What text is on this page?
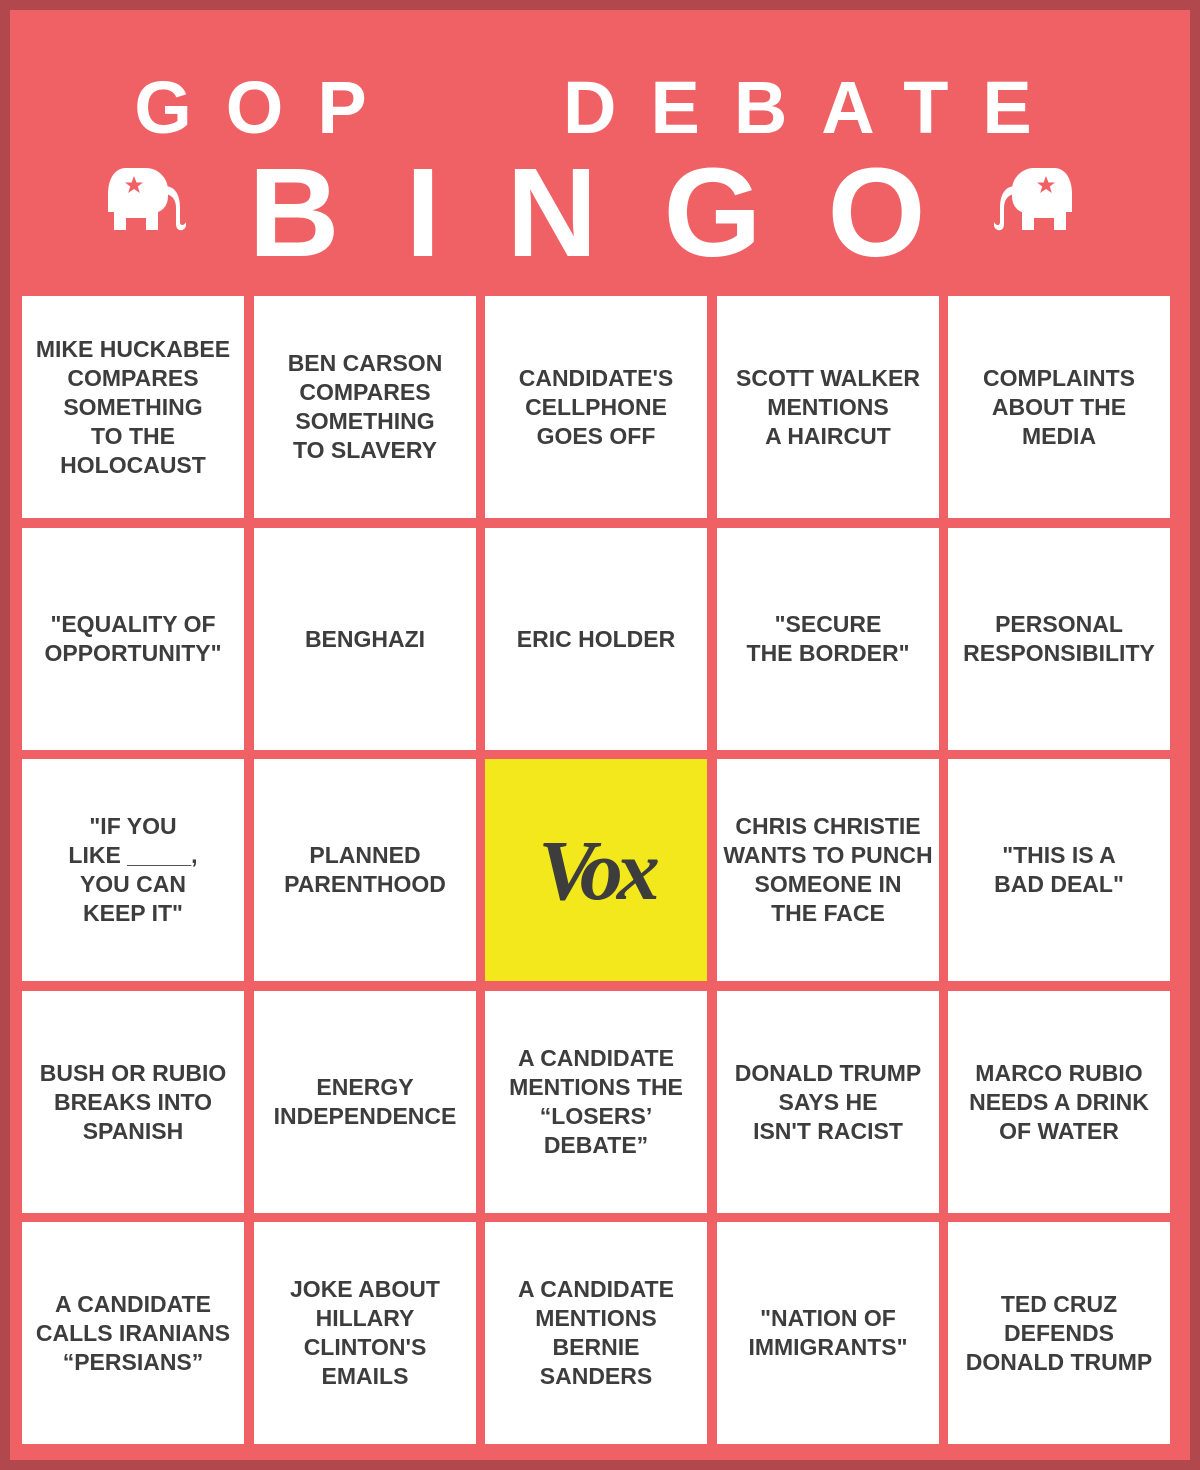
GOP   DEBATE
BINGO
MIKE HUCKABEE
COMPARES
SOMETHING
TO THE
HOLOCAUST
BEN CARSON
COMPARES
SOMETHING
TO SLAVERY
CANDIDATE'S
CELLPHONE
GOES OFF
SCOTT WALKER
MENTIONS
A HAIRCUT
COMPLAINTS
ABOUT THE MEDIA
"EQUALITY OF
OPPORTUNITY"
BENGHAZI	ERIC HOLDER
"SECURE
THE BORDER"
PERSONAL
RESPONSIBILITY
"IF YOU
LIKE _____,
YOU CAN
KEEP IT"
PLANNED
PARENTHOOD Vox	CHRIS CHRISTIE
WANTS TO PUNCH
SOMEONE IN
THE FACE
"THIS IS A
BAD DEAL"
BUSH OR RUBIO
BREAKS INTO
SPANISH
ENERGY
INDEPENDENCE
A CANDIDATE
MENTIONS THE
“LOSERS’ DEBATE”
DONALD TRUMP
SAYS HE
ISN'T RACIST
MARCO RUBIO
NEEDS A DRINK
OF WATER
A CANDIDATE
CALLS IRANIANS
“PERSIANS”
JOKE ABOUT
HILLARY
CLINTON'S
EMAILS
A CANDIDATE
MENTIONS BERNIE
SANDERS
"NATION OF
IMMIGRANTS"
TED CRUZ
DEFENDS
DONALD TRUMP
